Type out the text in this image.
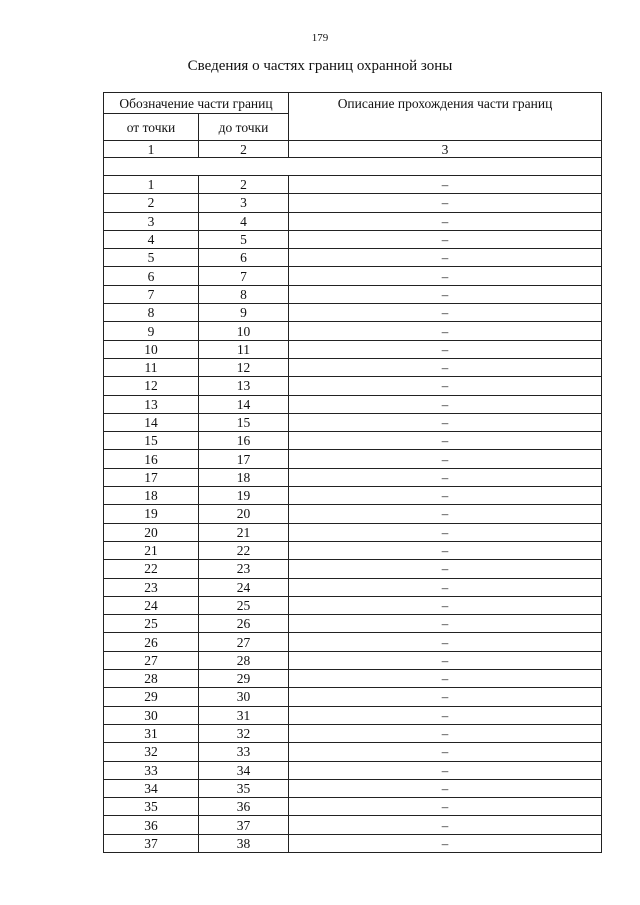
179
Сведения о частях границ охранной зоны
Обозначение части границ		Описание прохождения части границ
от точки	до точки	
1	2	3

1	2	–
2	3	–
3	4	–
4	5	–
5	6	–
6	7	–
7	8	–
8	9	–
9	10	–
10	11	–
11	12	–
12	13	–
13	14	–
14	15	–
15	16	–
16	17	–
17	18	–
18	19	–
19	20	–
20	21	–
21	22	–
22	23	–
23	24	–
24	25	–
25	26	–
26	27	–
27	28	–
28	29	–
29	30	–
30	31	–
31	32	–
32	33	–
33	34	–
34	35	–
35	36	–
36	37	–
37	38	–
